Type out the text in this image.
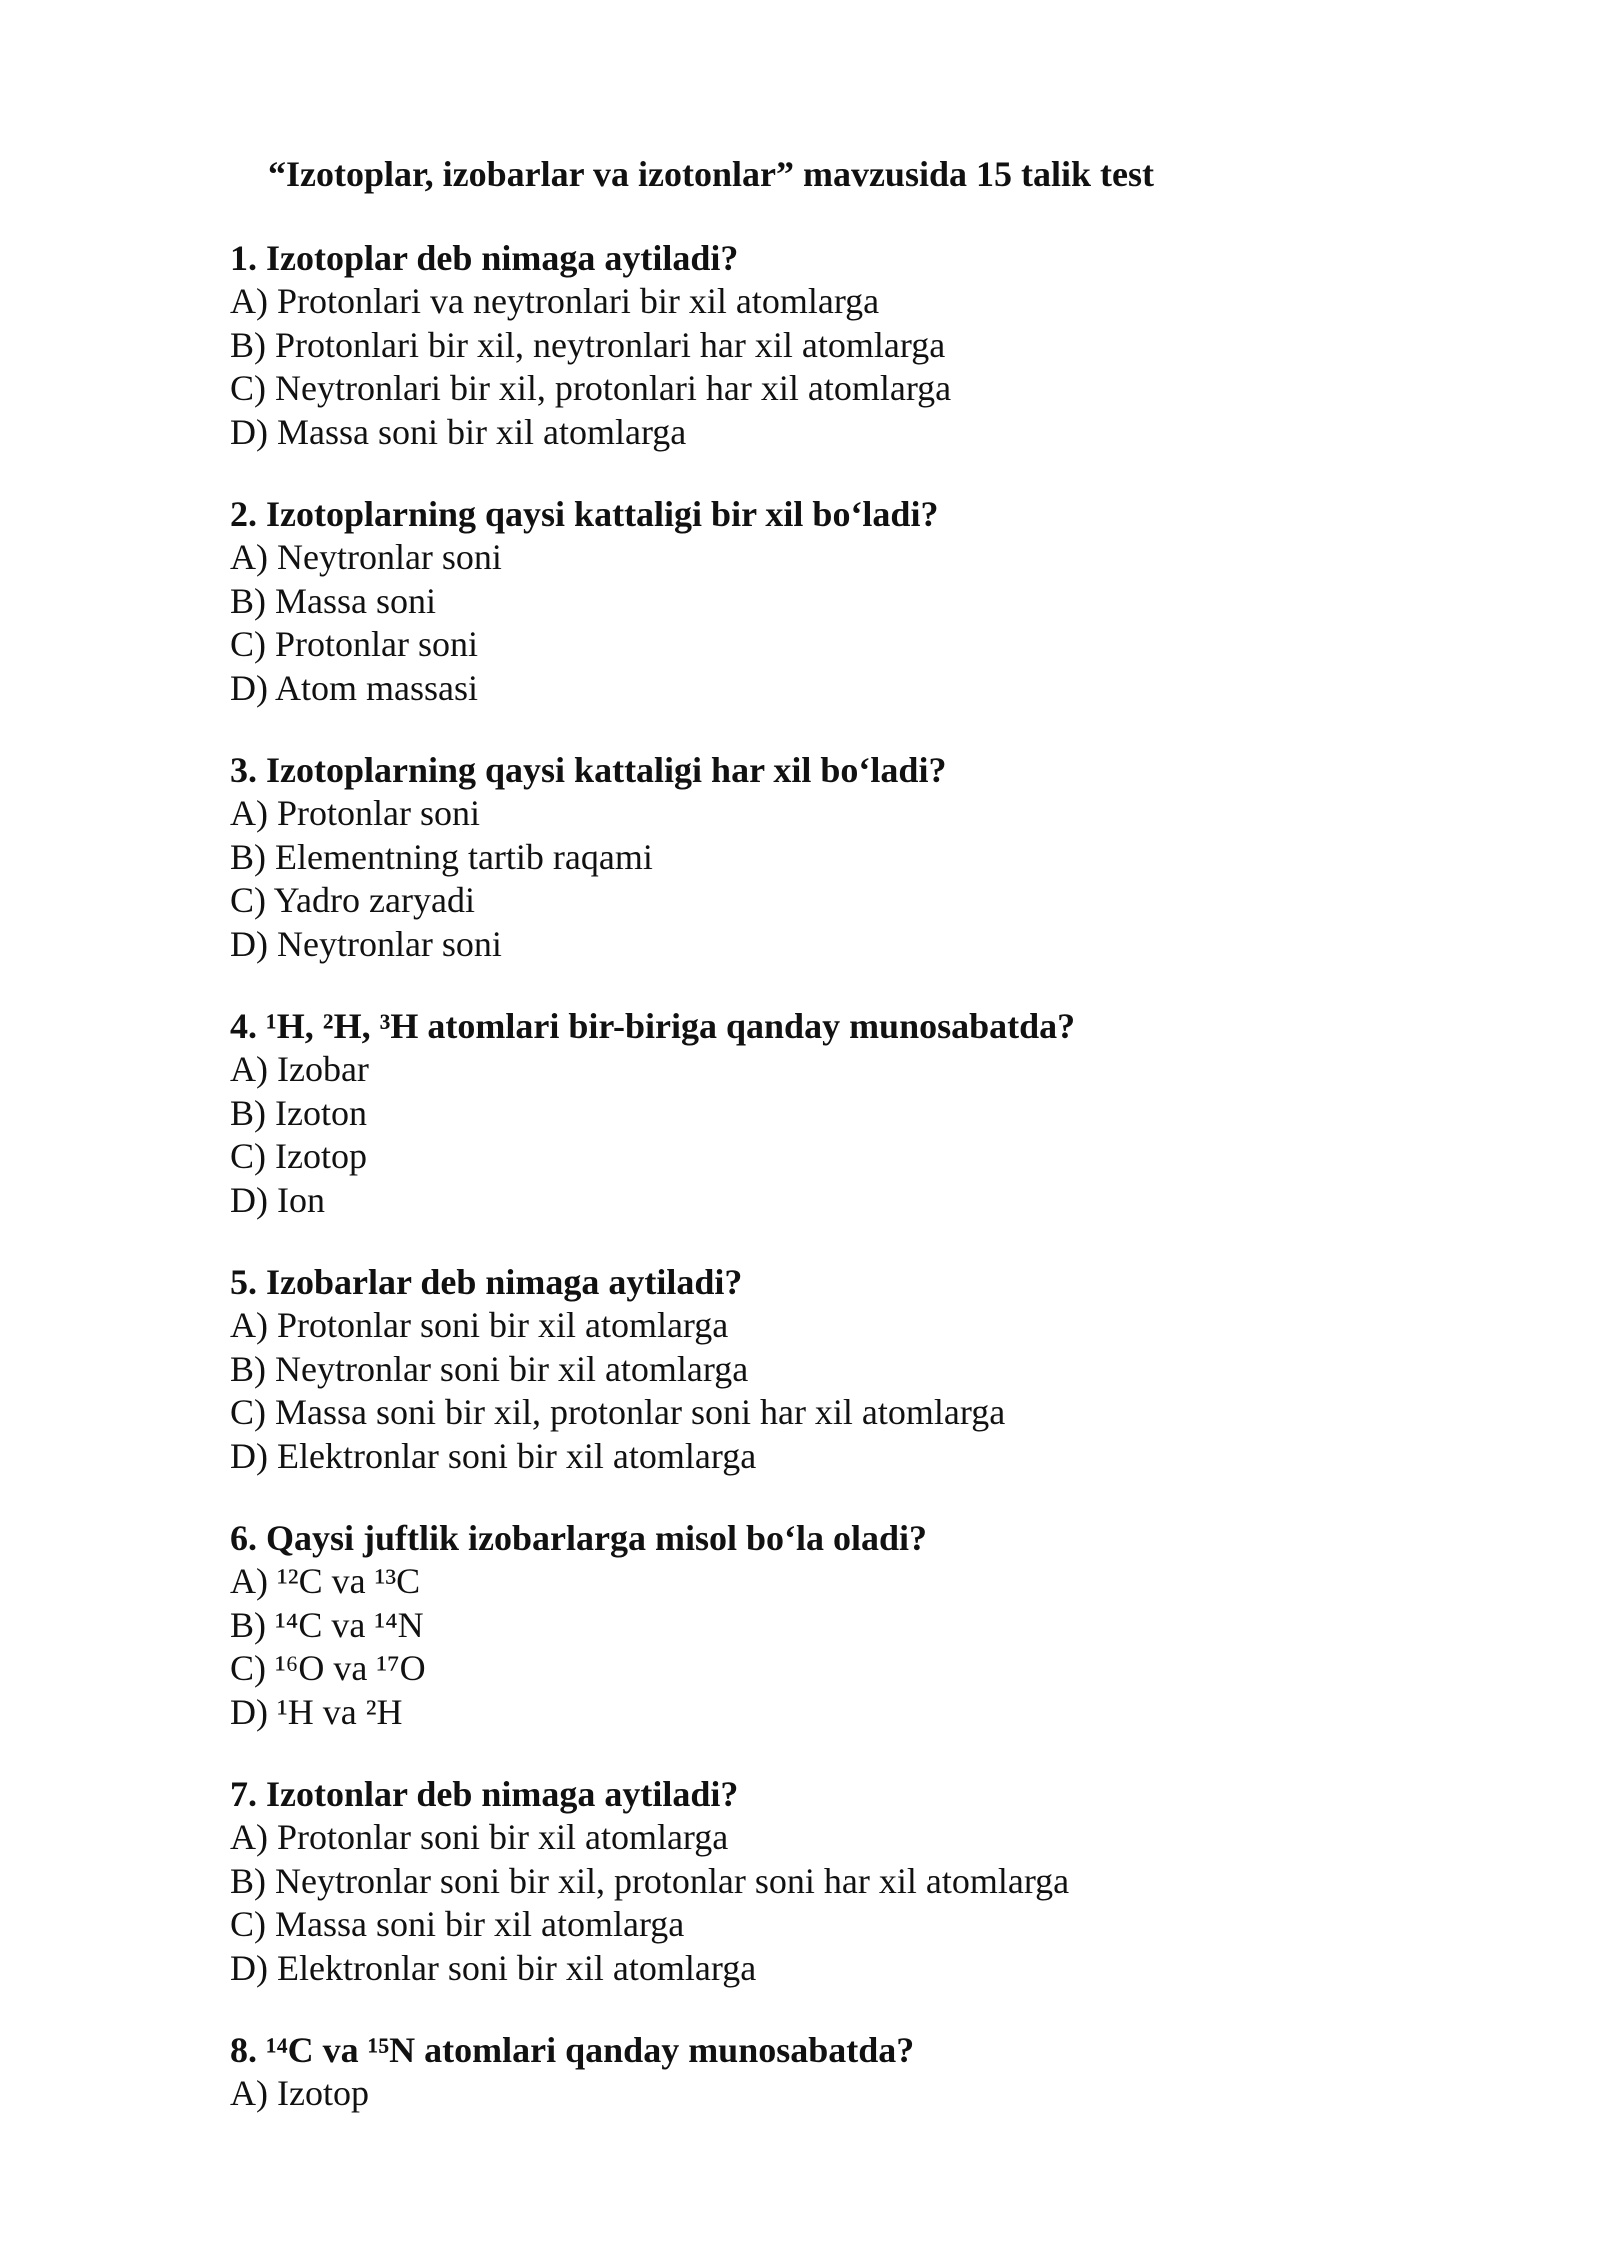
“Izotoplar, izobarlar va izotonlar” mavzusida 15 talik test
1. Izotoplar deb nimaga aytiladi?
A) Protonlari va neytronlari bir xil atomlarga
B) Protonlari bir xil, neytronlari har xil atomlarga
C) Neytronlari bir xil, protonlari har xil atomlarga
D) Massa soni bir xil atomlarga
2. Izotoplarning qaysi kattaligi bir xil bo‘ladi?
A) Neytronlar soni
B) Massa soni
C) Protonlar soni
D) Atom massasi
3. Izotoplarning qaysi kattaligi har xil bo‘ladi?
A) Protonlar soni
B) Elementning tartib raqami
C) Yadro zaryadi
D) Neytronlar soni
4. ¹H, ²H, ³H atomlari bir-biriga qanday munosabatda?
A) Izobar
B) Izoton
C) Izotop
D) Ion
5. Izobarlar deb nimaga aytiladi?
A) Protonlar soni bir xil atomlarga
B) Neytronlar soni bir xil atomlarga
C) Massa soni bir xil, protonlar soni har xil atomlarga
D) Elektronlar soni bir xil atomlarga
6. Qaysi juftlik izobarlarga misol bo‘la oladi?
A) ¹²C va ¹³C
B) ¹⁴C va ¹⁴N
C) ¹⁶O va ¹⁷O
D) ¹H va ²H
7. Izotonlar deb nimaga aytiladi?
A) Protonlar soni bir xil atomlarga
B) Neytronlar soni bir xil, protonlar soni har xil atomlarga
C) Massa soni bir xil atomlarga
D) Elektronlar soni bir xil atomlarga
8. ¹⁴C va ¹⁵N atomlari qanday munosabatda?
A) Izotop
